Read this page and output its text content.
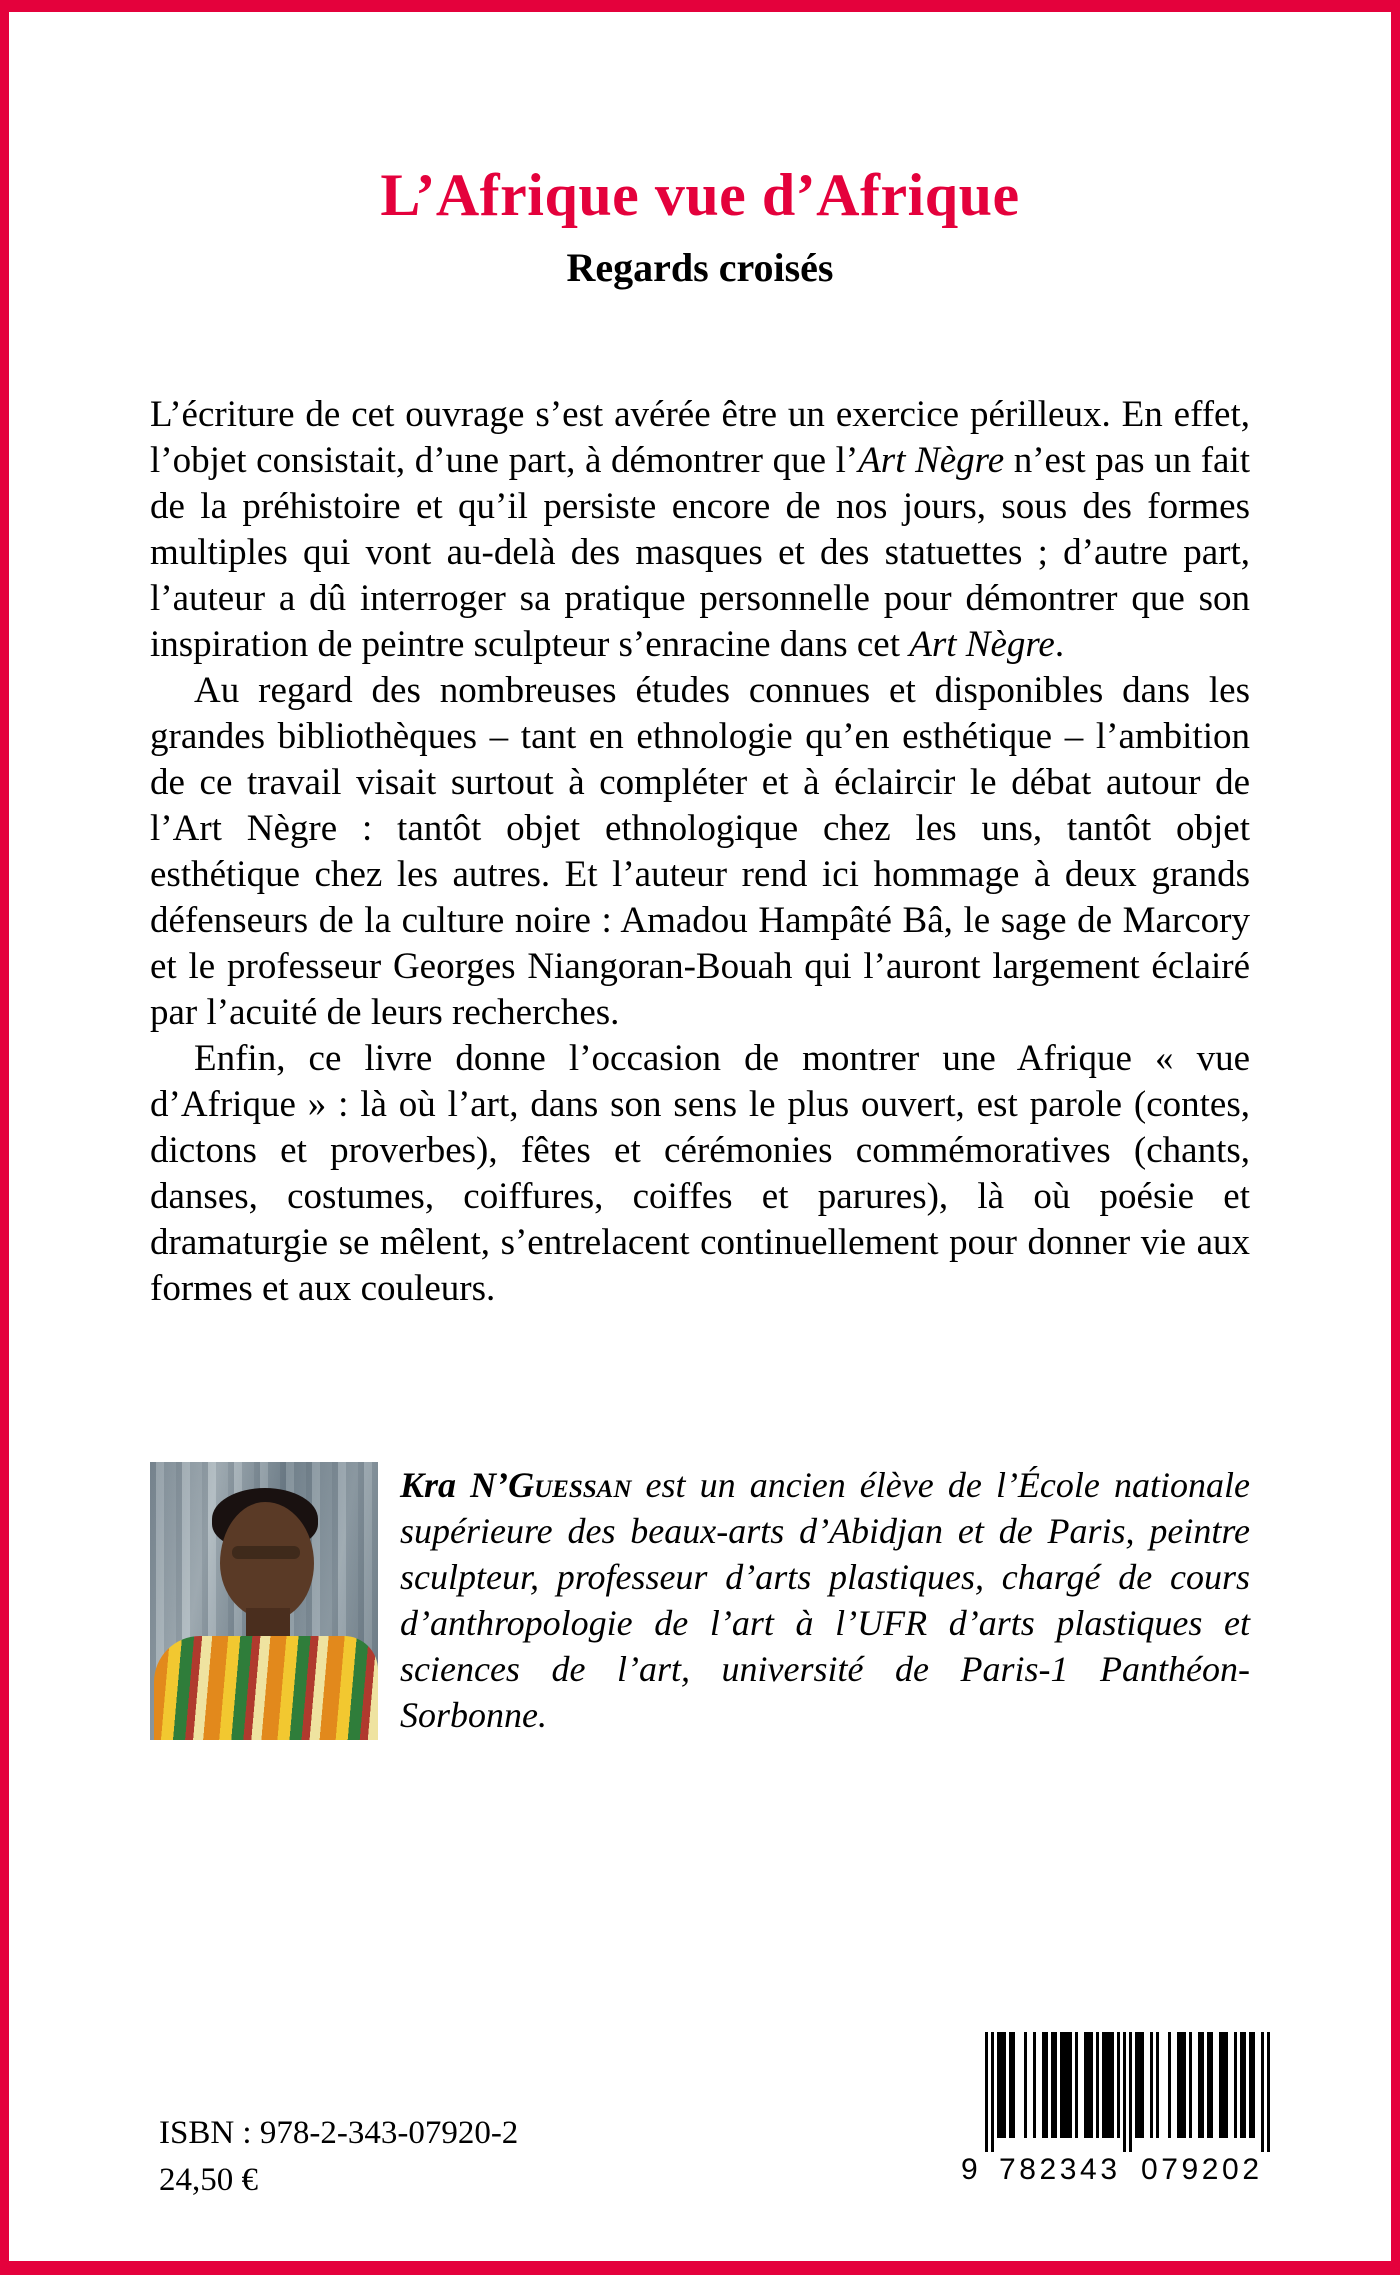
L’Afrique vue d’Afrique
Regards croisés

L’écriture de cet ouvrage s’est avérée être un exercice périlleux. En effet, l’objet consistait, d’une part, à démontrer que l’Art Nègre n’est pas un fait de la préhistoire et qu’il persiste encore de nos jours, sous des formes multiples qui vont au-delà des masques et des statuettes ; d’autre part, l’auteur a dû interroger sa pratique personnelle pour démontrer que son inspiration de peintre sculpteur s’enracine dans cet Art Nègre.

Au regard des nombreuses études connues et disponibles dans les grandes bibliothèques – tant en ethnologie qu’en esthétique – l’ambition de ce travail visait surtout à compléter et à éclaircir le débat autour de l’Art Nègre : tantôt objet ethnologique chez les uns, tantôt objet esthétique chez les autres. Et l’auteur rend ici hommage à deux grands défenseurs de la culture noire : Amadou Hampâté Bâ, le sage de Marcory et le professeur Georges Niangoran-Bouah qui l’auront largement éclairé par l’acuité de leurs recherches.

Enfin, ce livre donne l’occasion de montrer une Afrique « vue d’Afrique » : là où l’art, dans son sens le plus ouvert, est parole (contes, dictons et proverbes), fêtes et cérémonies commémoratives (chants, danses, costumes, coiffures, coiffes et parures), là où poésie et dramaturgie se mêlent, s’entrelacent continuellement pour donner vie aux formes et aux couleurs.

Kra N’Guessan est un ancien élève de l’École nationale supérieure des beaux-arts d’Abidjan et de Paris, peintre sculpteur, professeur d’arts plastiques, chargé de cours d’anthropologie de l’art à l’UFR d’arts plastiques et sciences de l’art, université de Paris-1 Panthéon-Sorbonne.

ISBN : 978-2-343-07920-2
24,50 €	9 782343 079202
